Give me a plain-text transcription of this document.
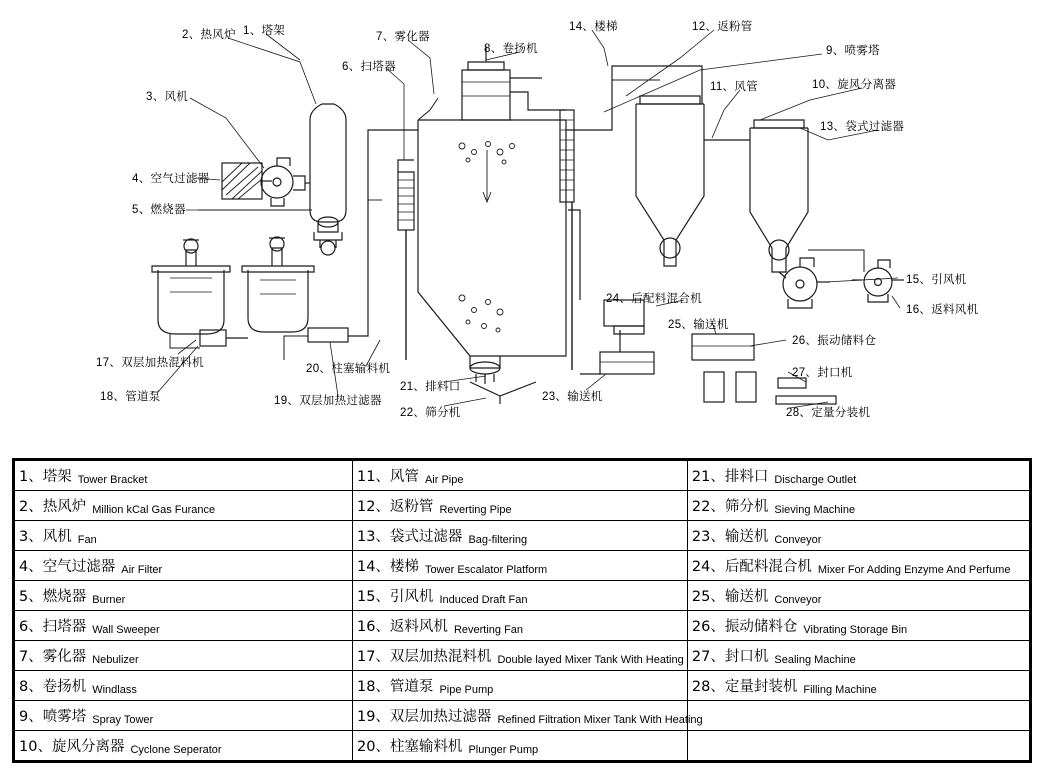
2、热风炉 1、塔架	7、雾化器
8、卷扬机
14、楼梯	12、返粉管
9、喷雾塔
6、扫塔器
3、风机
11、风管	10、旋风分离器
13、袋式过滤器
4、空气过滤器
5、燃烧器
15、引风机
16、返料风机
24、后配料混合机
25、输送机
26、振动储料仓
27、封口机
28、定量分装机
17、双层加热混料机
18、管道泵	19、双层加热过滤器
20、柱塞输料机
21、排料口
22、筛分机
23、输送机
1、塔架 Tower Bracket	11、风管 Air Pipe	21、排料口 Discharge Outlet

2、热风炉 Million kCal Gas Furance	12、返粉管 Reverting Pipe	22、筛分机 Sieving Machine

3、风机 Fan	13、袋式过滤器 Bag-filtering	23、输送机 Conveyor

4、空气过滤器 Air Filter	14、楼梯 Tower Escalator Platform	24、后配料混合机 Mixer For Adding Enzyme And Perfume

5、燃烧器 Burner	15、引风机 Induced Draft Fan	25、输送机 Conveyor

6、扫塔器 Wall Sweeper	16、返料风机 Reverting Fan	26、振动储料仓 Vibrating Storage Bin

7、雾化器 Nebulizer	17、双层加热混料机 Double layed Mixer Tank With Heating	27、封口机 Sealing Machine

8、卷扬机 Windlass	18、管道泵 Pipe Pump	28、定量封装机 Filling Machine

9、喷雾塔 Spray Tower	19、双层加热过滤器 Refined Filtration Mixer Tank With Heating	

10、旋风分离器 Cyclone Seperator	20、柱塞输料机 Plunger Pump	
